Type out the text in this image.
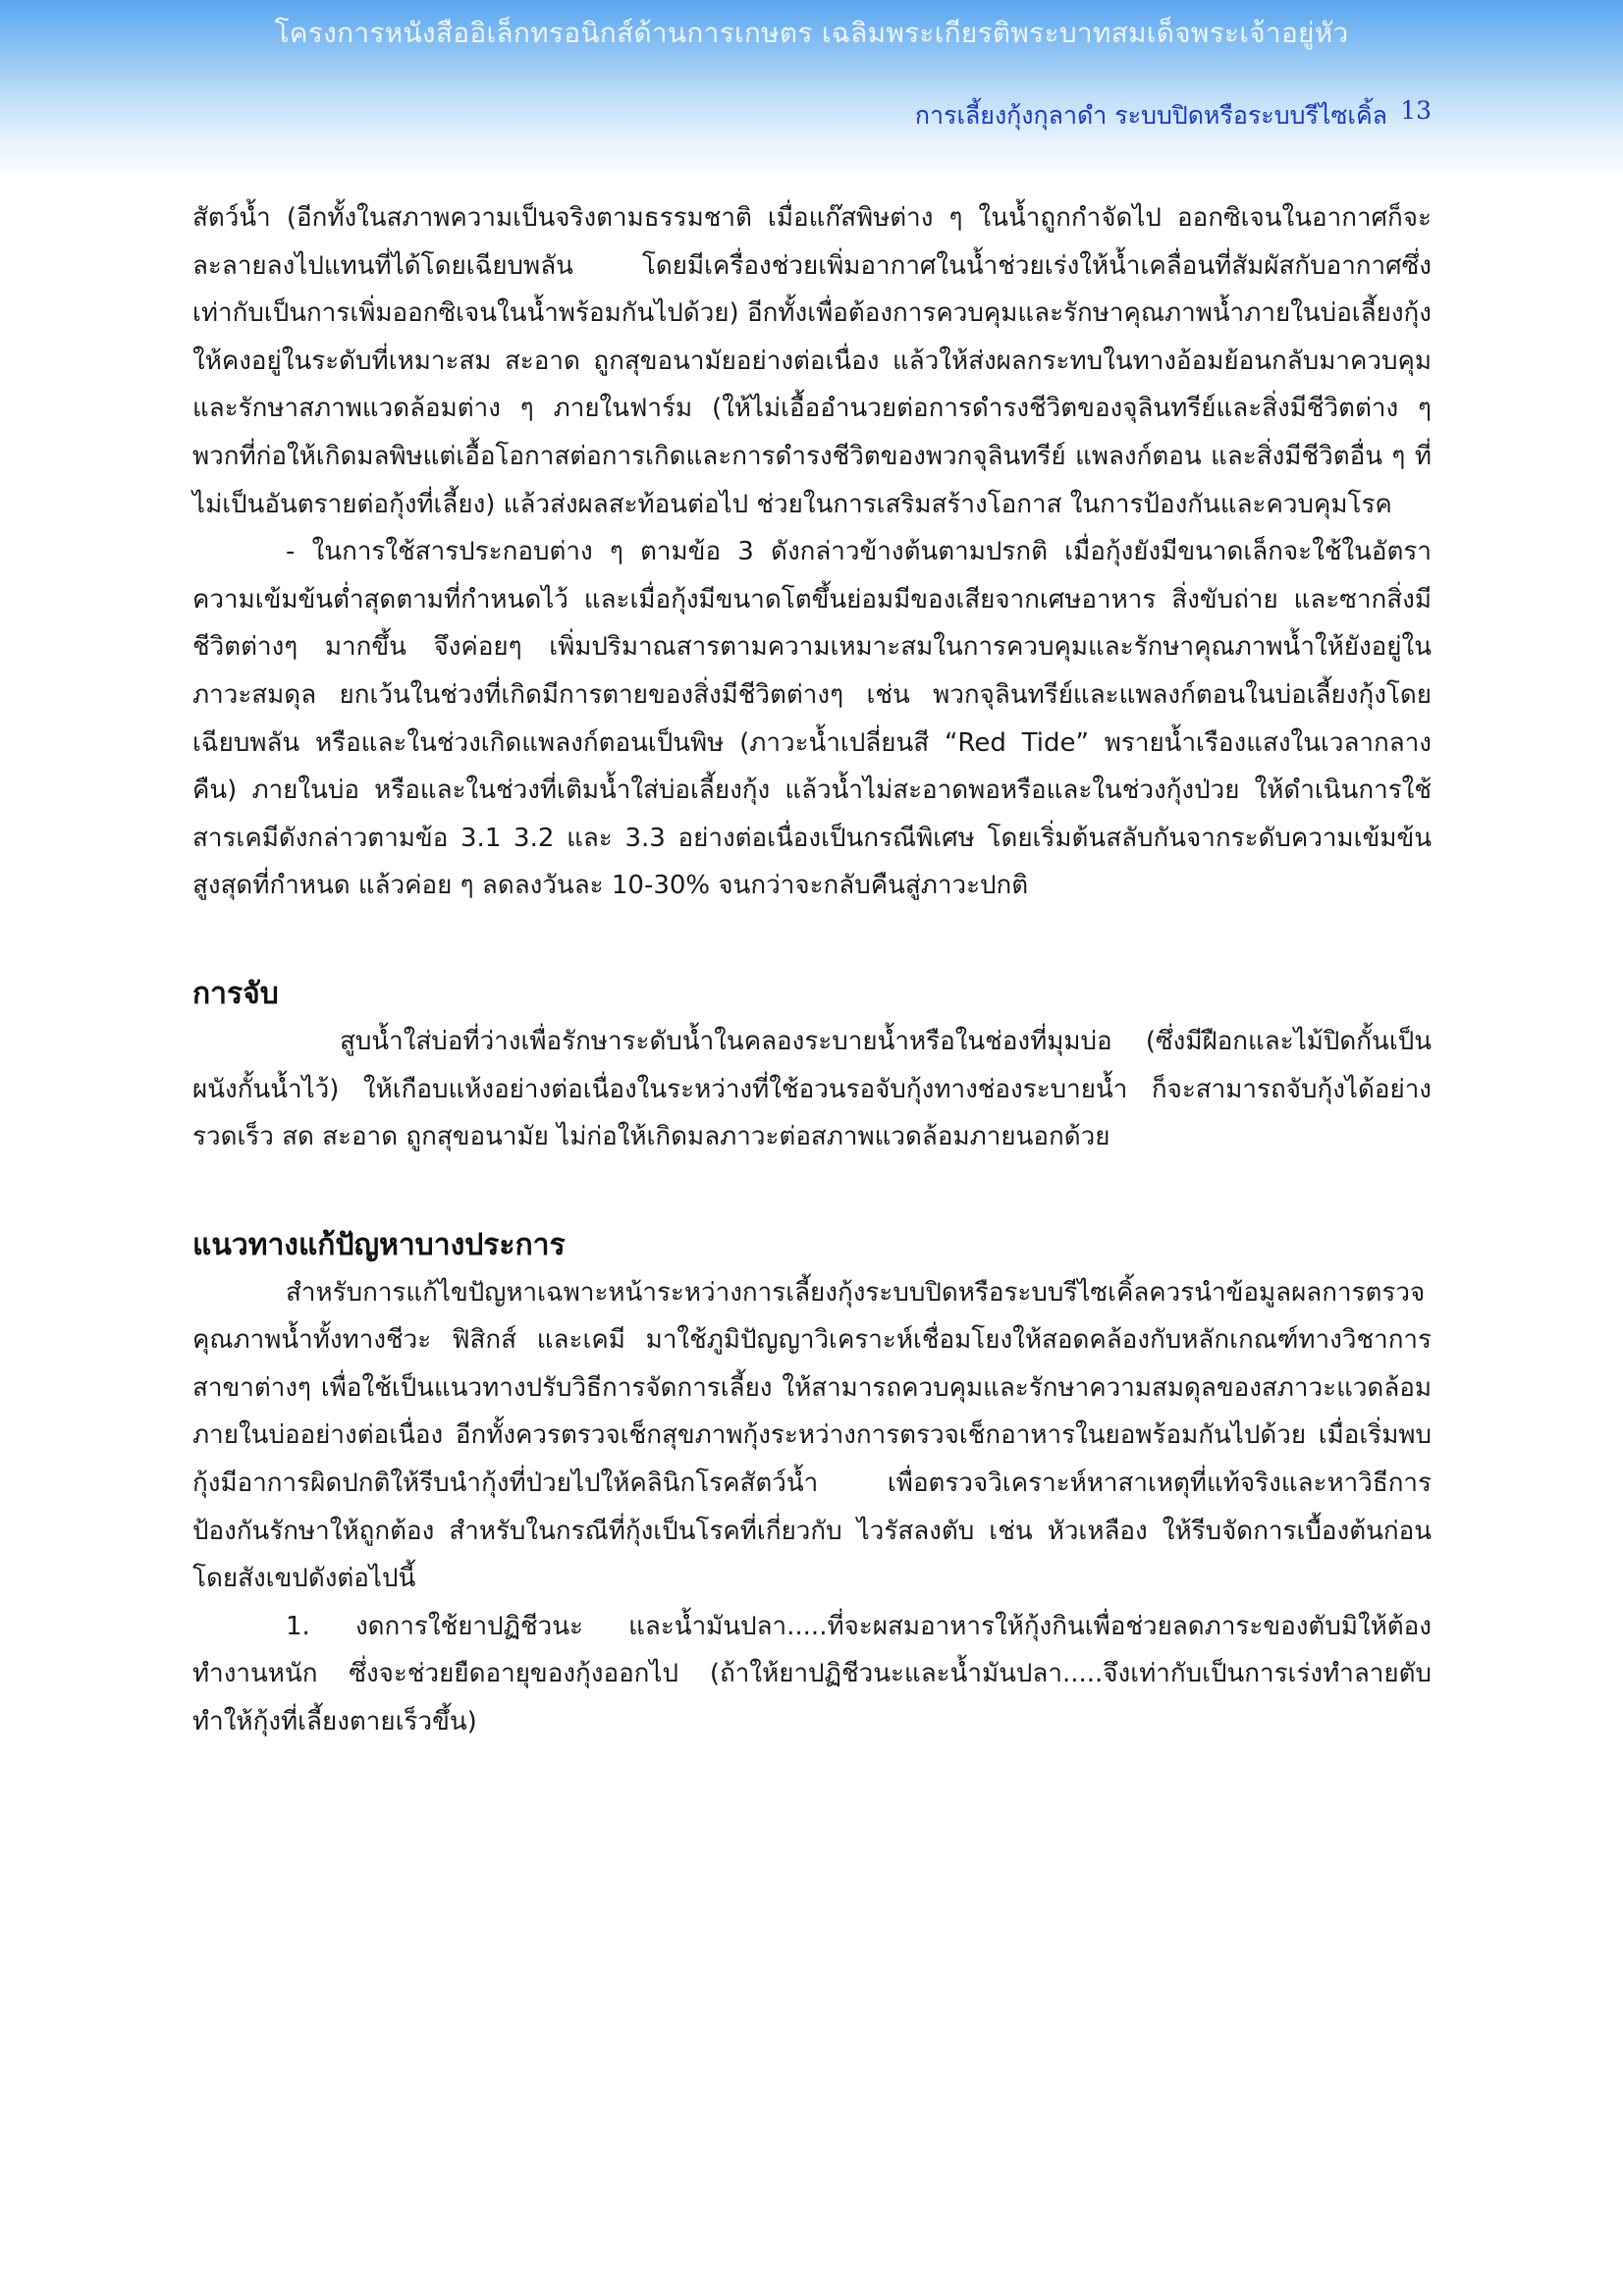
โครงการหนังสืออิเล็กทรอนิกส์ด้านการเกษตร เฉลิมพระเกียรติพระบาทสมเด็จพระเจ้าอยู่หัว
การเลี้ยงกุ้งกุลาดำ ระบบปิดหรือระบบรีไซเคิ้ล 13

สัตว์น้ำ (อีกทั้งในสภาพความเป็นจริงตามธรรมชาติ เมื่อแก๊สพิษต่าง ๆ ในน้ำถูกกำจัดไป ออกซิเจนในอากาศก็จะละลายลงไปแทนที่ได้โดยเฉียบพลัน โดยมีเครื่องช่วยเพิ่มอากาศในน้ำช่วยเร่งให้น้ำเคลื่อนที่สัมผัสกับอากาศซึ่งเท่ากับเป็นการเพิ่มออกซิเจนในน้ำพร้อมกันไปด้วย) อีกทั้งเพื่อต้องการควบคุมและรักษาคุณภาพน้ำภายในบ่อเลี้ยงกุ้งให้คงอยู่ในระดับที่เหมาะสม สะอาด ถูกสุขอนามัยอย่างต่อเนื่อง แล้วให้ส่งผลกระทบในทางอ้อมย้อนกลับมาควบคุมและรักษาสภาพแวดล้อมต่าง ๆ ภายในฟาร์ม (ให้ไม่เอื้ออำนวยต่อการดำรงชีวิตของจุลินทรีย์และสิ่งมีชีวิตต่าง ๆ พวกที่ก่อให้เกิดมลพิษแต่เอื้อโอกาสต่อการเกิดและการดำรงชีวิตของพวกจุลินทรีย์ แพลงก์ตอน และสิ่งมีชีวิตอื่น ๆ ที่ไม่เป็นอันตรายต่อกุ้งที่เลี้ยง) แล้วส่งผลสะท้อนต่อไป ช่วยในการเสริมสร้างโอกาส ในการป้องกันและควบคุมโรค

- ในการใช้สารประกอบต่าง ๆ ตามข้อ 3 ดังกล่าวข้างต้นตามปรกติ เมื่อกุ้งยังมีขนาดเล็กจะใช้ในอัตราความเข้มข้นต่ำสุดตามที่กำหนดไว้ และเมื่อกุ้งมีขนาดโตขึ้นย่อมมีของเสียจากเศษอาหาร สิ่งขับถ่าย และซากสิ่งมีชีวิตต่างๆ มากขึ้น จึงค่อยๆ เพิ่มปริมาณสารตามความเหมาะสมในการควบคุมและรักษาคุณภาพน้ำให้ยังอยู่ในภาวะสมดุล ยกเว้นในช่วงที่เกิดมีการตายของสิ่งมีชีวิตต่างๆ เช่น พวกจุลินทรีย์และแพลงก์ตอนในบ่อเลี้ยงกุ้งโดยเฉียบพลัน หรือและในช่วงเกิดแพลงก์ตอนเป็นพิษ (ภาวะน้ำเปลี่ยนสี “Red Tide” พรายน้ำเรืองแสงในเวลากลางคืน) ภายในบ่อ หรือและในช่วงที่เติมน้ำใส่บ่อเลี้ยงกุ้ง แล้วน้ำไม่สะอาดพอหรือและในช่วงกุ้งป่วย ให้ดำเนินการใช้สารเคมีดังกล่าวตามข้อ 3.1 3.2 และ 3.3 อย่างต่อเนื่องเป็นกรณีพิเศษ โดยเริ่มต้นสลับกันจากระดับความเข้มข้นสูงสุดที่กำหนด แล้วค่อย ๆ ลดลงวันละ 10-30% จนกว่าจะกลับคืนสู่ภาวะปกติ

การจับ

สูบน้ำใส่บ่อที่ว่างเพื่อรักษาระดับน้ำในคลองระบายน้ำหรือในช่องที่มุมบ่อ (ซึ่งมีฝือกและไม้ปิดกั้นเป็นผนังกั้นน้ำไว้) ให้เกือบแห้งอย่างต่อเนื่องในระหว่างที่ใช้อวนรอจับกุ้งทางช่องระบายน้ำ ก็จะสามารถจับกุ้งได้อย่างรวดเร็ว สด สะอาด ถูกสุขอนามัย ไม่ก่อให้เกิดมลภาวะต่อสภาพแวดล้อมภายนอกด้วย

แนวทางแก้ปัญหาบางประการ

สำหรับการแก้ไขปัญหาเฉพาะหน้าระหว่างการเลี้ยงกุ้งระบบปิดหรือระบบรีไซเคิ้ลควรนำข้อมูลผลการตรวจคุณภาพน้ำทั้งทางชีวะ ฟิสิกส์ และเคมี มาใช้ภูมิปัญญาวิเคราะห์เชื่อมโยงให้สอดคล้องกับหลักเกณฑ์ทางวิชาการสาขาต่างๆ เพื่อใช้เป็นแนวทางปรับวิธีการจัดการเลี้ยง ให้สามารถควบคุมและรักษาความสมดุลของสภาวะแวดล้อมภายในบ่ออย่างต่อเนื่อง อีกทั้งควรตรวจเช็กสุขภาพกุ้งระหว่างการตรวจเช็กอาหารในยอพร้อมกันไปด้วย เมื่อเริ่มพบกุ้งมีอาการผิดปกติให้รีบนำกุ้งที่ป่วยไปให้คลินิกโรคสัตว์น้ำ เพื่อตรวจวิเคราะห์หาสาเหตุที่แท้จริงและหาวิธีการป้องกันรักษาให้ถูกต้อง สำหรับในกรณีที่กุ้งเป็นโรคที่เกี่ยวกับ ไวรัสลงตับ เช่น หัวเหลือง ให้รีบจัดการเบื้องต้นก่อน โดยสังเขปดังต่อไปนี้

1. งดการใช้ยาปฏิชีวนะ และน้ำมันปลา.....ที่จะผสมอาหารให้กุ้งกินเพื่อช่วยลดภาระของตับมิให้ต้องทำงานหนัก ซึ่งจะช่วยยืดอายุของกุ้งออกไป (ถ้าให้ยาปฏิชีวนะและน้ำมันปลา.....จึงเท่ากับเป็นการเร่งทำลายตับ ทำให้กุ้งที่เลี้ยงตายเร็วขึ้น)
